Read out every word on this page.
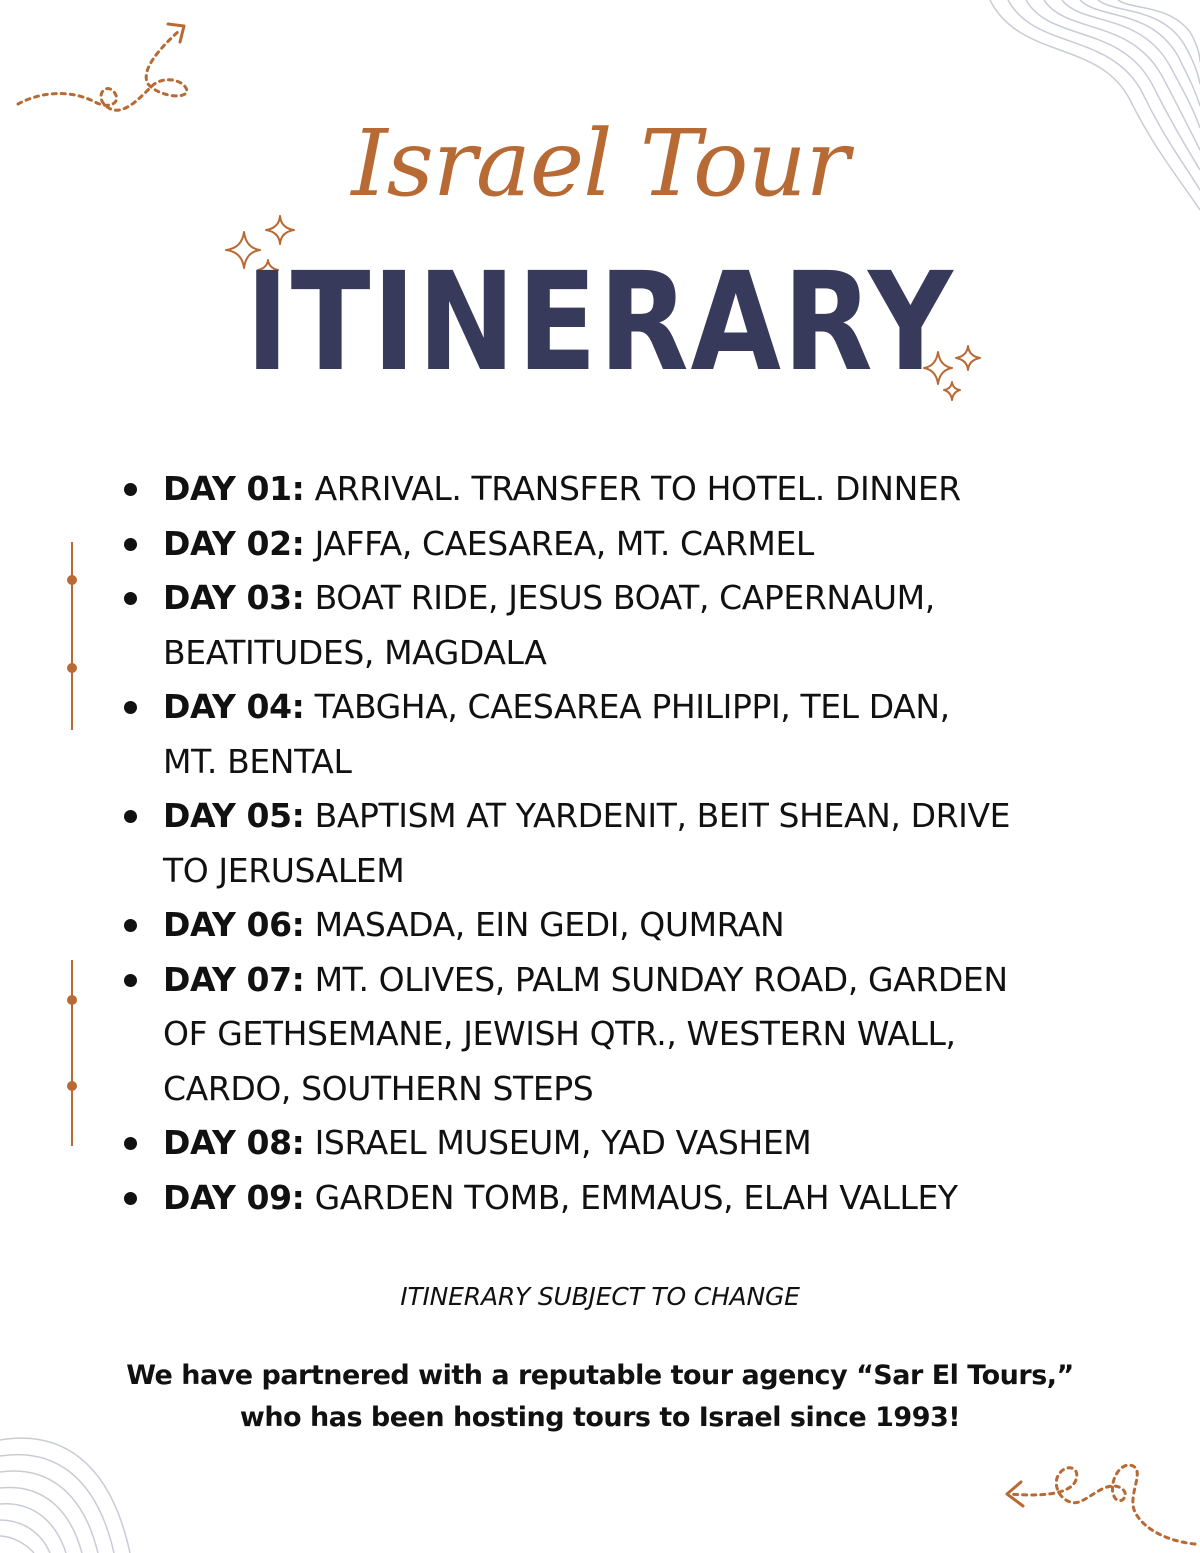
Israel Tour
ITINERARY
DAY 01: ARRIVAL. TRANSFER TO HOTEL. DINNER
DAY 02: JAFFA, CAESAREA, MT. CARMEL
DAY 03: BOAT RIDE, JESUS BOAT, CAPERNAUM,
BEATITUDES, MAGDALA
DAY 04: TABGHA, CAESAREA PHILIPPI, TEL DAN,
MT. BENTAL
DAY 05: BAPTISM AT YARDENIT, BEIT SHEAN, DRIVE
TO JERUSALEM
DAY 06: MASADA, EIN GEDI, QUMRAN
DAY 07: MT. OLIVES, PALM SUNDAY ROAD, GARDEN
OF GETHSEMANE, JEWISH QTR., WESTERN WALL,
CARDO, SOUTHERN STEPS
DAY 08: ISRAEL MUSEUM, YAD VASHEM
DAY 09: GARDEN TOMB, EMMAUS, ELAH VALLEY
ITINERARY SUBJECT TO CHANGE
We have partnered with a reputable tour agency “Sar El Tours,”
who has been hosting tours to Israel since 1993!
